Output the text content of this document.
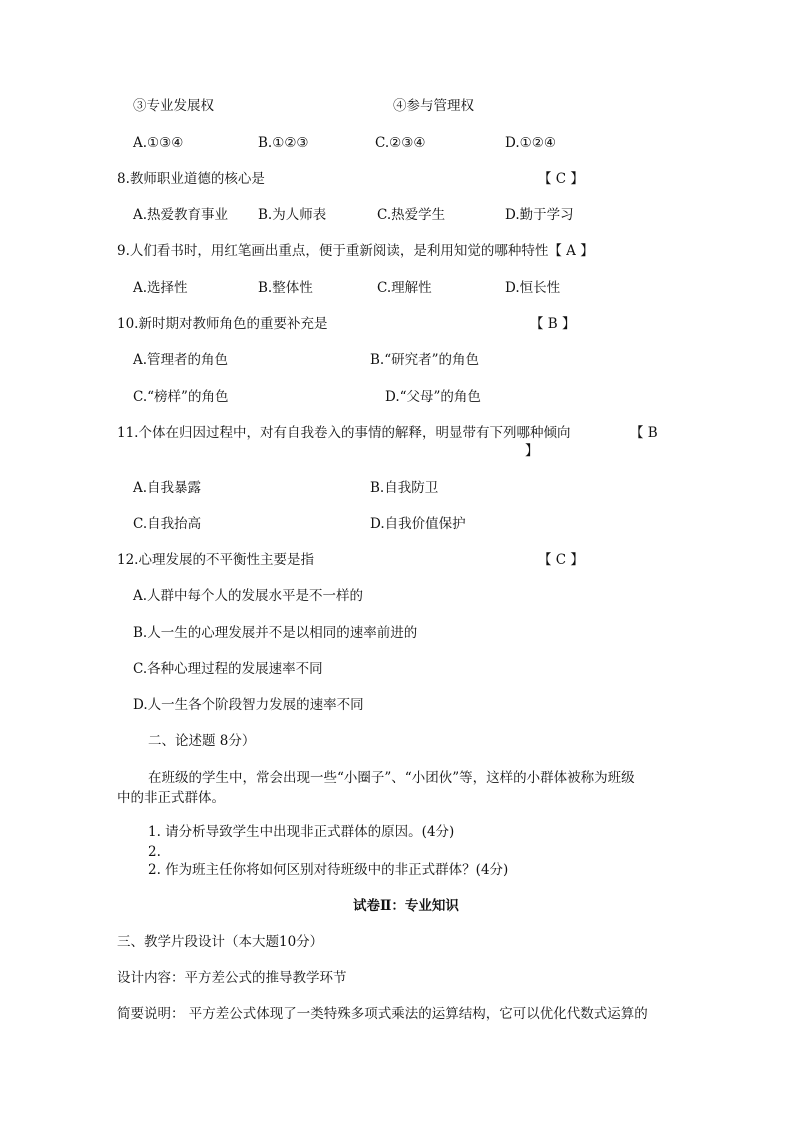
③专业发展权	④参与管理权
A.①③④	B.①②③	C.②③④	D.①②④
8.教师职业道德的核心是	【 C 】
A.热爱教育事业 B.为人师表	C.热爱学生	D.勤于学习
9.人们看书时，用红笔画出重点，便于重新阅读，是利用知觉的哪种特性【 A 】
A.选择性	B.整体性	C.理解性	D.恒长性
10.新时期对教师角色的重要补充是	【 B 】
A.管理者的角色	B.“研究者”的角色
C.“榜样”的角色	D.“父母”的角色
11.个体在归因过程中，对有自我卷入的事情的解释，明显带有下列哪种倾向	【 B
】
A.自我暴露	B.自我防卫
C.自我抬高	D.自我价值保护
12.心理发展的不平衡性主要是指	【 C 】
A.人群中每个人的发展水平是不一样的
B.人一生的心理发展并不是以相同的速率前进的
C.各种心理过程的发展速率不同
D.人一生各个阶段智力发展的速率不同
二、论述题 8分）
在班级的学生中，常会出现一些“小圈子”、“小团伙”等，这样的小群体被称为班级
中的非正式群体。
1. 请分析导致学生中出现非正式群体的原因。(4分)
2.
2. 作为班主任你将如何区别对待班级中的非正式群体？(4分)
试卷Ⅱ：专业知识
三、教学片段设计（本大题10分）
设计内容：平方差公式的推导教学环节
简要说明： 平方差公式体现了一类特殊多项式乘法的运算结构，它可以优化代数式运算的
